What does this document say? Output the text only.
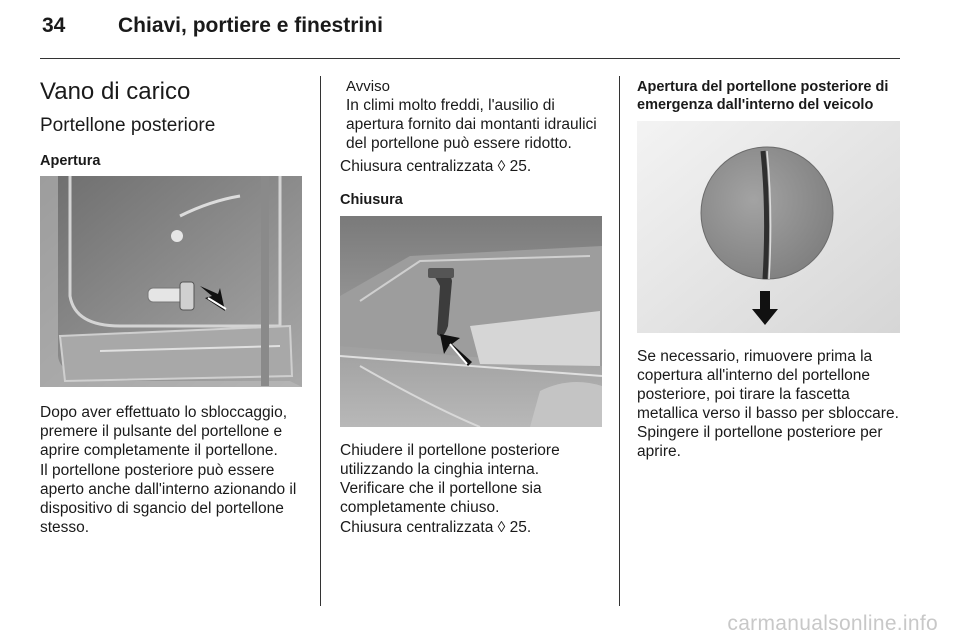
34	Chiavi, portiere e finestrini
Vano di carico
Portellone posteriore
Apertura
Dopo aver effettuato lo sbloccaggio, premere il pulsante del portellone e aprire completamente il portellone.
Il portellone posteriore può essere aperto anche dall'interno azionando il dispositivo di sgancio del portellone stesso.
Avviso
In climi molto freddi, l'ausilio di apertura fornito dai montanti idraulici del portellone può essere ridotto.
Chiusura centralizzata ◊ 25.
Chiusura
Chiudere il portellone posteriore utilizzando la cinghia interna. Verificare che il portellone sia completamente chiuso.
Chiusura centralizzata ◊ 25.
Apertura del portellone posteriore di emergenza dall'interno del veicolo
Se necessario, rimuovere prima la copertura all'interno del portellone posteriore, poi tirare la fascetta metallica verso il basso per sbloccare. Spingere il portellone posteriore per aprire.
carmanualsonline.info
